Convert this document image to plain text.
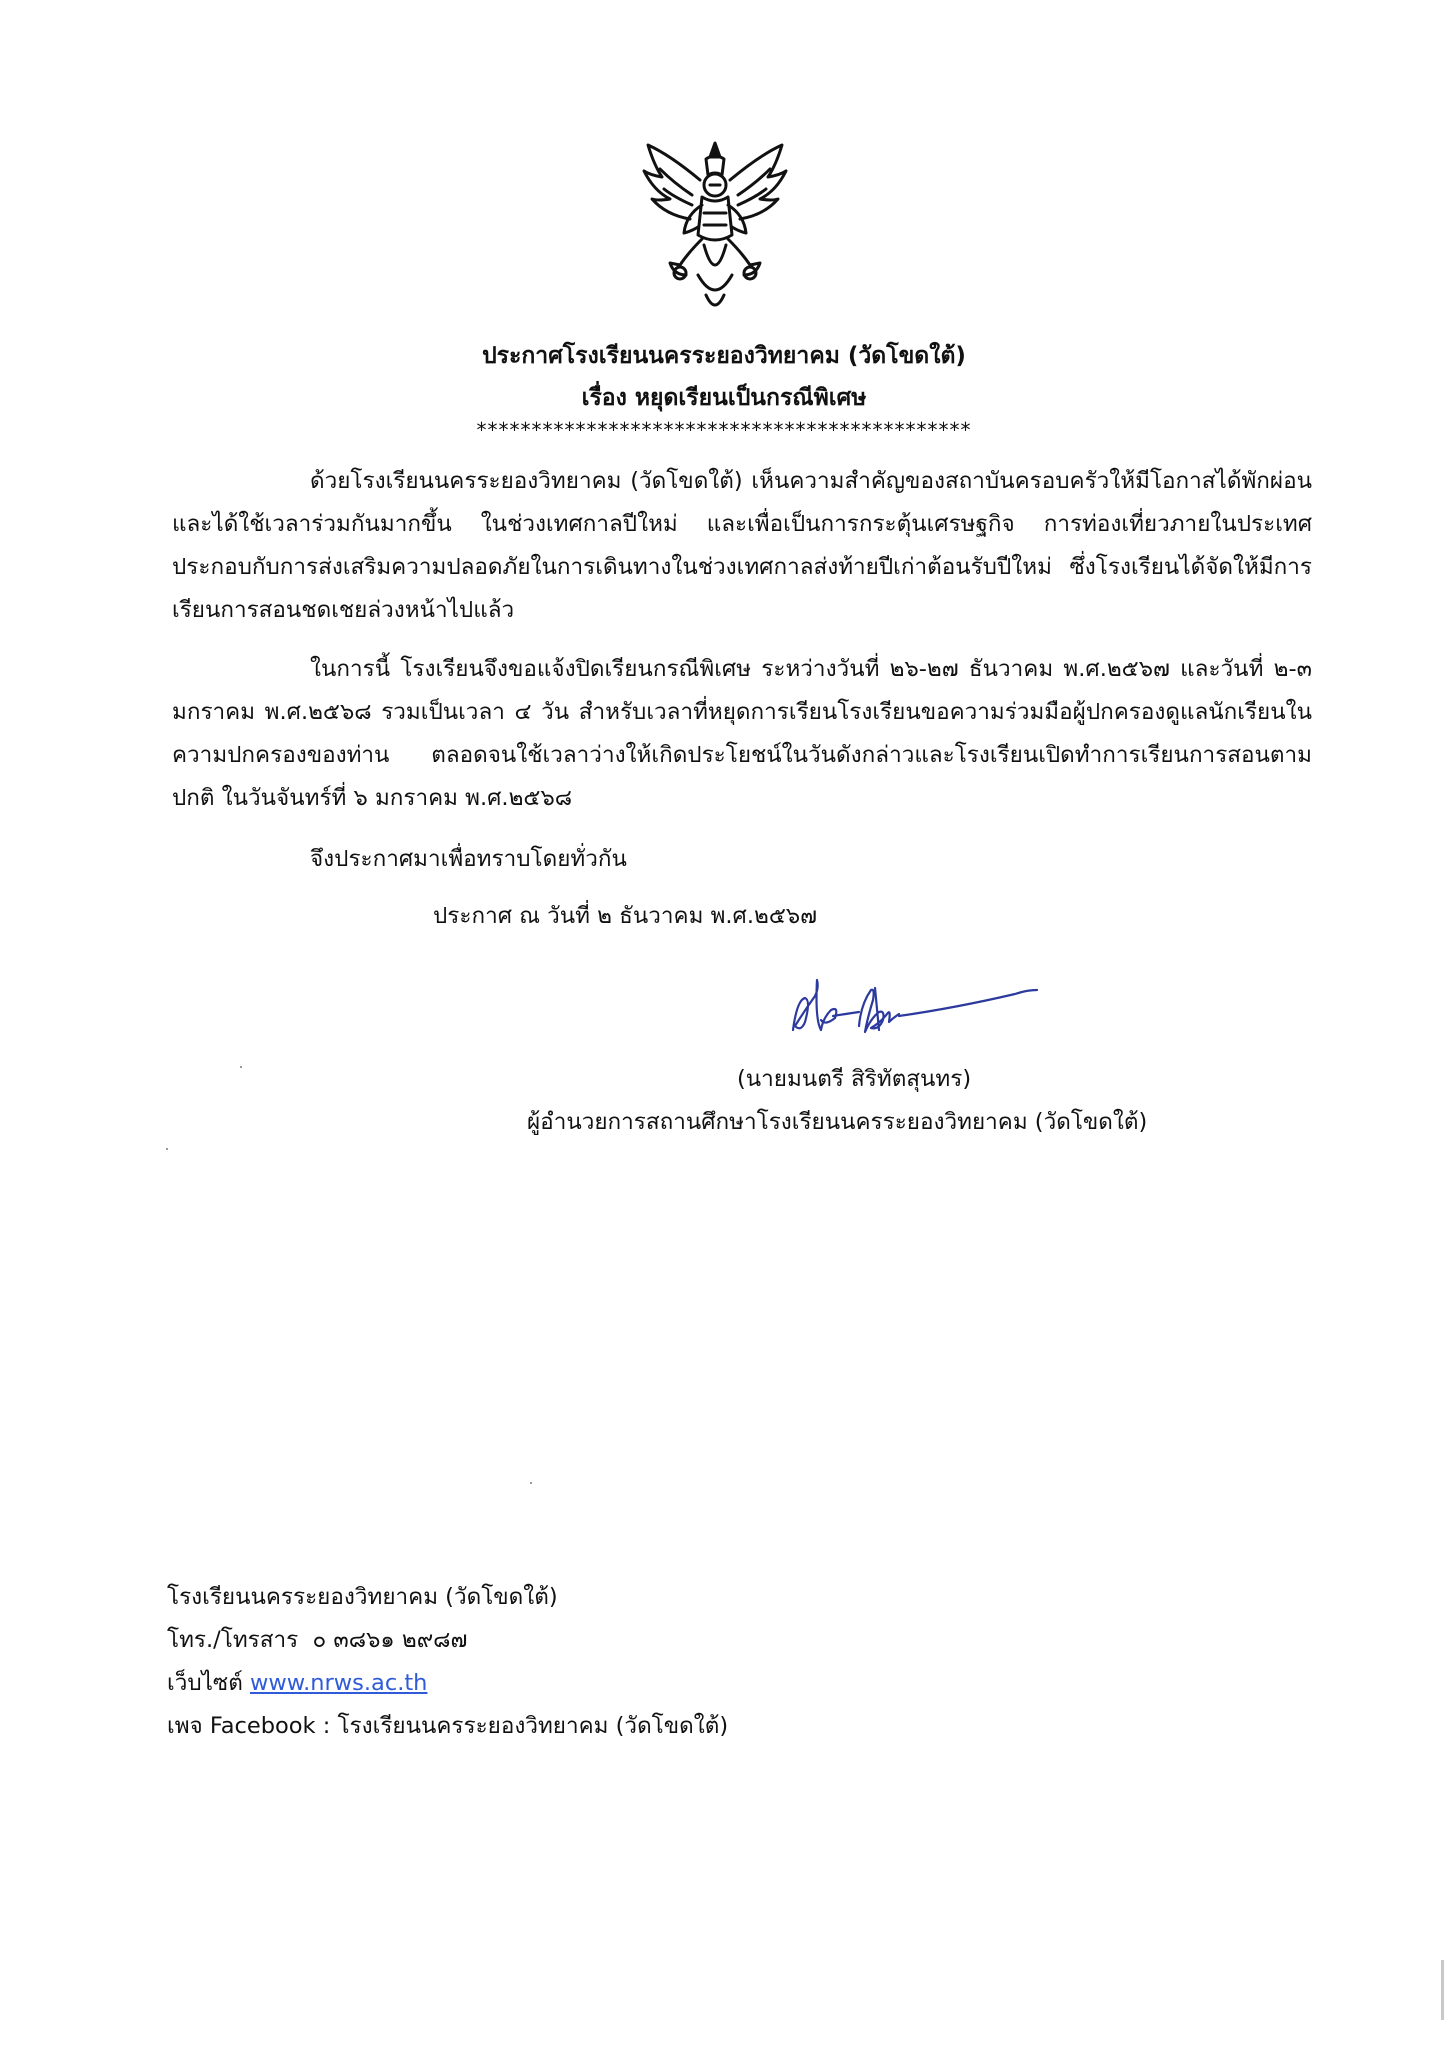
ประกาศโรงเรียนนครระยองวิทยาคม (วัดโขดใต้)
เรื่อง หยุดเรียนเป็นกรณีพิเศษ
*********************************************

ด้วยโรงเรียนนครระยองวิทยาคม (วัดโขดใต้) เห็นความสำคัญของสถาบันครอบครัวให้มีโอกาสได้พักผ่อน และได้ใช้เวลาร่วมกันมากขึ้น ในช่วงเทศกาลปีใหม่ และเพื่อเป็นการกระตุ้นเศรษฐกิจ การท่องเที่ยวภายในประเทศ ประกอบกับการส่งเสริมความปลอดภัยในการเดินทางในช่วงเทศกาลส่งท้ายปีเก่าต้อนรับปีใหม่ ซึ่งโรงเรียนได้จัดให้มีการเรียนการสอนชดเชยล่วงหน้าไปแล้ว

ในการนี้ โรงเรียนจึงขอแจ้งปิดเรียนกรณีพิเศษ ระหว่างวันที่ ๒๖-๒๗ ธันวาคม พ.ศ.๒๕๖๗ และวันที่ ๒-๓ มกราคม พ.ศ.๒๕๖๘ รวมเป็นเวลา ๔ วัน สำหรับเวลาที่หยุดการเรียนโรงเรียนขอความร่วมมือผู้ปกครองดูแลนักเรียนในความปกครองของท่าน ตลอดจนใช้เวลาว่างให้เกิดประโยชน์ในวันดังกล่าวและโรงเรียนเปิดทำการเรียนการสอนตามปกติ ในวันจันทร์ที่ ๖ มกราคม พ.ศ.๒๕๖๘

จึงประกาศมาเพื่อทราบโดยทั่วกัน
ประกาศ ณ วันที่ ๒ ธันวาคม พ.ศ.๒๕๖๗
(นายมนตรี สิริทัตสุนทร)
ผู้อำนวยการสถานศึกษาโรงเรียนนครระยองวิทยาคม (วัดโขดใต้)
โรงเรียนนครระยองวิทยาคม (วัดโขดใต้)
โทร./โทรสาร ๐ ๓๘๖๑ ๒๙๘๗
เว็บไซต์ www.nrws.ac.th
เพจ Facebook : โรงเรียนนครระยองวิทยาคม (วัดโขดใต้)
